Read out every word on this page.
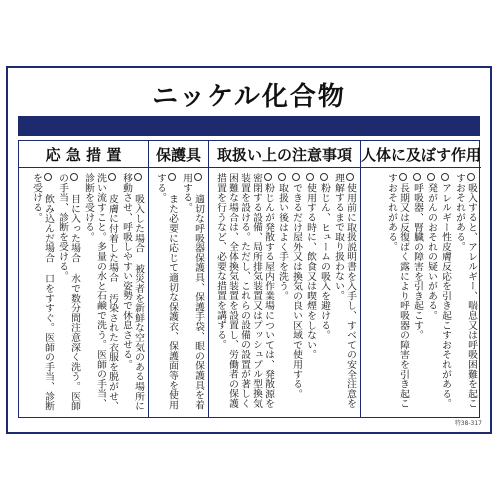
ニッケル化合物
応 急 措 置
吸入した場合 被災者を新鮮な空気のある場所に移動させ、呼吸しやすい姿勢で休息させる。
皮膚に付着した場合 汚染された衣服を脱がせ、洗い流すこと。多量の水と石鹸で洗う。医師の手当、診断を受ける。
目に入った場合 水で数分間注意深く洗う。医師の手当、診断を受ける。
飲み込んだ場合 口をすすぐ。医師の手当、診断を受ける。
保護具
適切な呼吸器保護具、保護手袋、眼の保護具を着用する。
また必要に応じて適切な保護衣、保護面等を使用する。
取扱い上の注意事項
使用前に取扱説明書を入手し、すべての安全注意を理解するまで取り扱わない。
粉じん、ヒュームの吸入を避ける。
使用する時に、飲食又は喫煙をしない。
できるだけ屋外又は換気の良い区域で使用する。
取扱い後はよく手を洗う。
粉じんが発散する屋内作業場については、発散源を密閉する設備、局所排気装置又はプッシュプル型換気装置を設ける。ただし、これらの設備の設置が著しく困難な場合は、全体換気装置を設置し、労働者の保護措置を行うなど、必要な措置を講ずる。
人体に及ぼす作用
吸入すると、アレルギー、喘息又は呼吸困難を起こすおそれがある。
アレルギー性皮膚反応を引き起こすおそれがある。
発がんのおそれの疑いがある。
呼吸器、腎臓の障害を引き起こす。
長期又は反復ばく露により呼吸器の障害を引き起こすおそれがある。
特38-317
